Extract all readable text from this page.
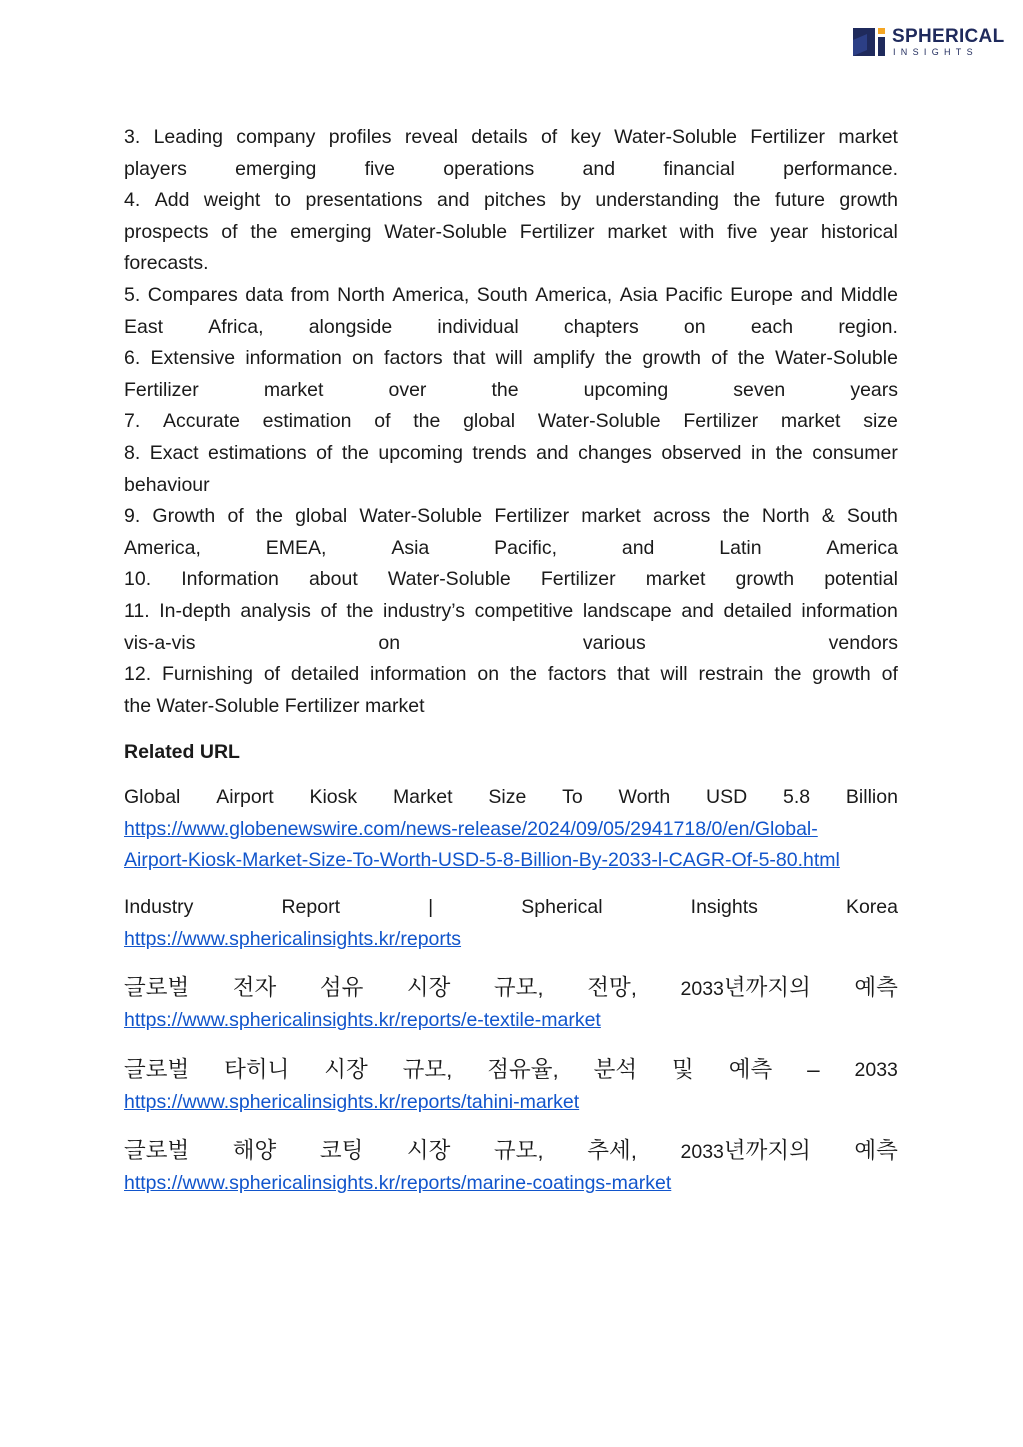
SPHERICAL
INSIGHTS
3. Leading company profiles reveal details of key Water-Soluble Fertilizer market
players emerging five operations and financial performance.
4. Add weight to presentations and pitches by understanding the future growth
prospects of the emerging Water-Soluble Fertilizer market with five year historical
forecasts.
5. Compares data from North America, South America, Asia Pacific Europe and Middle
East Africa, alongside individual chapters on each region.
6. Extensive information on factors that will amplify the growth of the Water-Soluble
Fertilizer	market	over	the	upcoming	seven	years
7. Accurate estimation of the global Water-Soluble Fertilizer market size
8. Exact estimations of the upcoming trends and changes observed in the consumer
behaviour
9. Growth of the global Water-Soluble Fertilizer market across the North & South
America,	EMEA,	Asia	Pacific,	and	Latin	America
10. Information about Water-Soluble Fertilizer market growth potential
11. In-depth analysis of the industry’s competitive landscape and detailed information
vis-a-vis	on	various	vendors
12. Furnishing of detailed information on the factors that will restrain the growth of
the Water-Soluble Fertilizer market
Related URL
Global Airport Kiosk Market Size To Worth USD 5.8 Billion
https://www.globenewswire.com/news-release/2024/09/05/2941718/0/en/Global-
Airport-Kiosk-Market-Size-To-Worth-USD-5-8-Billion-By-2033-l-CAGR-Of-5-80.html
Industry	Report	|	Spherical	Insights	Korea
https://www.sphericalinsights.kr/reports
글로벌 전자 섬유 시장 규모, 전망, 2033년까지의 예측
https://www.sphericalinsights.kr/reports/e-textile-market
글로벌 타히니 시장 규모, 점유율, 분석 및 예측 – 2033
https://www.sphericalinsights.kr/reports/tahini-market
글로벌 해양 코팅 시장 규모, 추세, 2033년까지의 예측
https://www.sphericalinsights.kr/reports/marine-coatings-market
